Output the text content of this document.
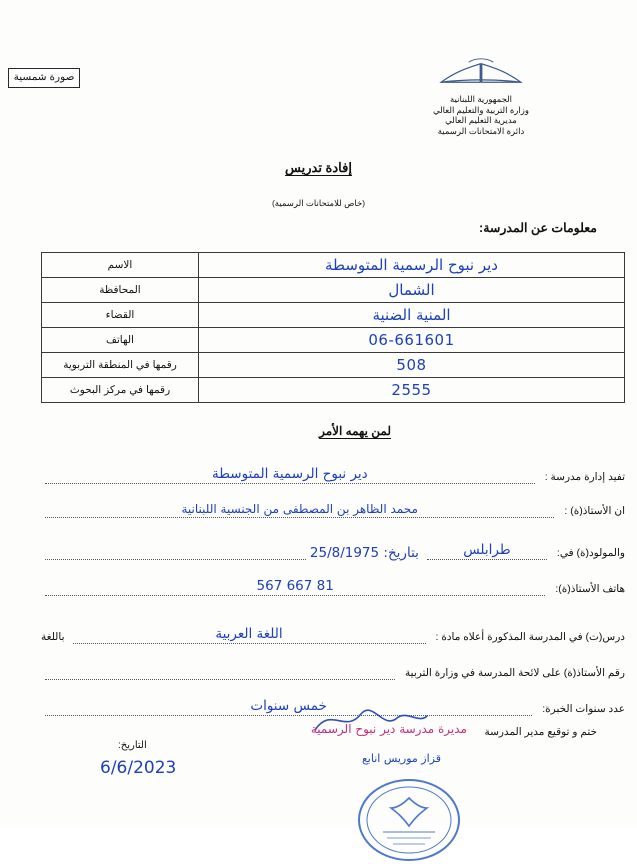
صورة شمسية
الجمهورية اللبنانية
وزارة التربية والتعليم العالي
مديرية التعليم العالي
دائرة الامتحانات الرسمية
إفادة تدريس
(خاص للامتحانات الرسمية)
معلومات عن المدرسة:
دير نبوح الرسمية المتوسطة	الاسم
الشمال	المحافظة
المنية الضنية	القضاء
06-661601	الهاتف
508	رقمها في المنطقة التربوية
2555	رقمها في مركز البحوث
لمن يهمه الأمر
تفيد إدارة مدرسة :
دير نبوح الرسمية المتوسطة
ان الأستاذ(ة) :
محمد الظاهر بن المصطفى من الجنسية اللبنانية
والمولود(ة) في:
طرابلس
بتاريخ: 25/8/1975
هاتف الأستاذ(ة):
81 667 567
درس(ت) في المدرسة المذكورة أعلاه مادة :
اللغة العربية
باللغة
رقم الأستاذ(ة) على لائحة المدرسة في وزارة التربية
عدد سنوات الخبرة:
خمس سنوات
ختم و توقيع مدير المدرسة
مديرة مدرسة دير نبوح الرسمية
قزاز موريس انابع
التاريخ:
6/6/2023
